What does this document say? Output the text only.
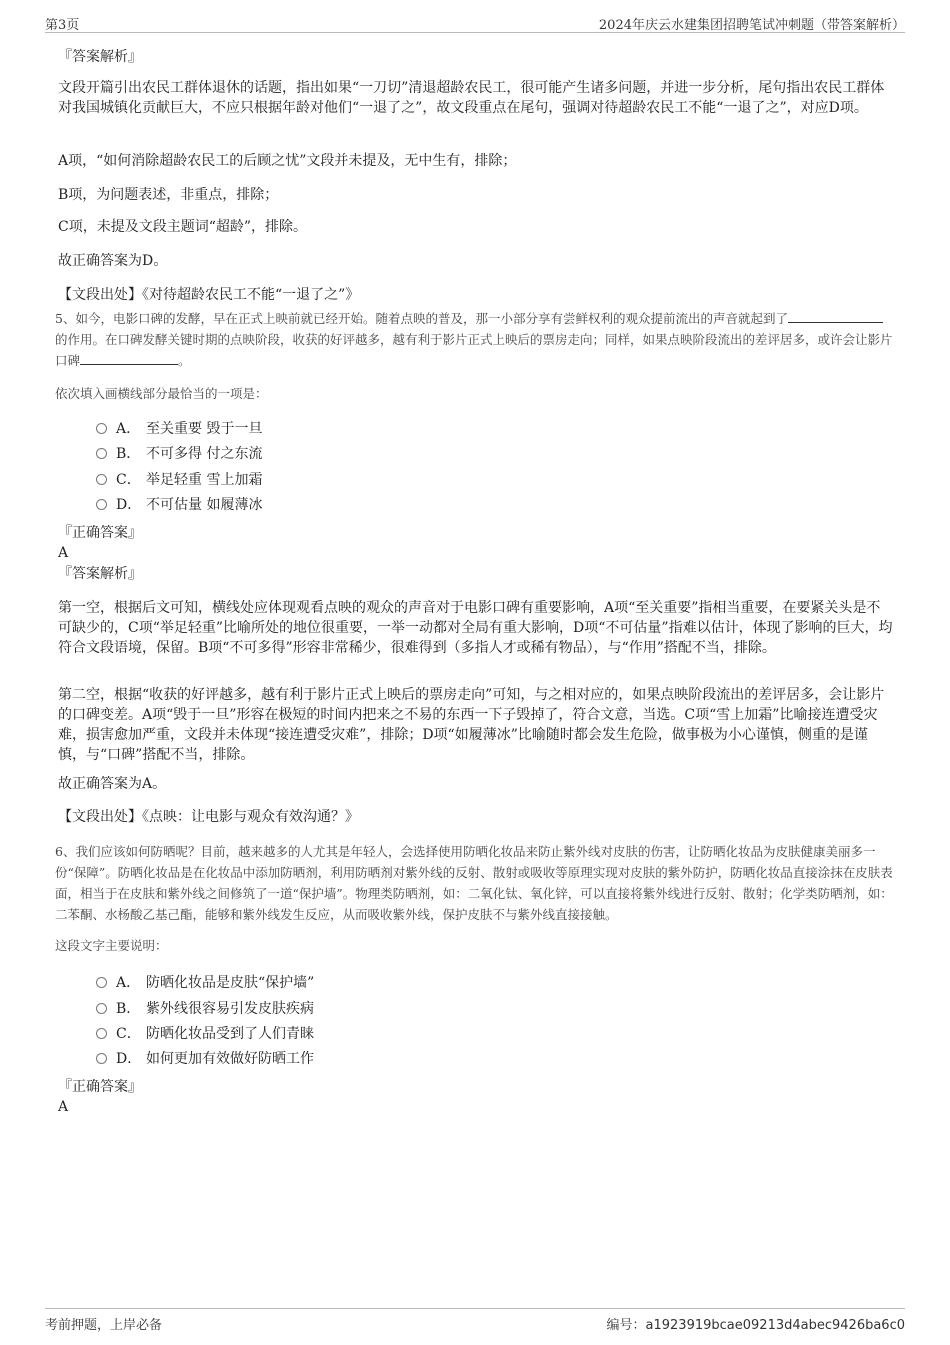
第3页	2024年庆云水建集团招聘笔试冲刺题（带答案解析）

『答案解析』

文段开篇引出农民工群体退休的话题，指出如果“一刀切”清退超龄农民工，很可能产生诸多问题，并进一步分析，尾句指出农民工群体对我国城镇化贡献巨大，不应只根据年龄对他们“一退了之”，故文段重点在尾句，强调对待超龄农民工不能“一退了之”，对应D项。

A项，“如何消除超龄农民工的后顾之忧”文段并未提及，无中生有，排除；

B项，为问题表述，非重点，排除；

C项，未提及文段主题词“超龄”，排除。

故正确答案为D。

【文段出处】《对待超龄农民工不能“一退了之”》

5、如今，电影口碑的发酵，早在正式上映前就已经开始。随着点映的普及，那一小部分享有尝鲜权利的观众提前流出的声音就起到了的作用。在口碑发酵关键时期的点映阶段，收获的好评越多，越有利于影片正式上映后的票房走向；同样，如果点映阶段流出的差评居多，或许会让影片口碑	。

依次填入画横线部分最恰当的一项是：

A． 至关重要 毁于一旦
B． 不可多得 付之东流
C． 举足轻重 雪上加霜
D． 不可估量 如履薄冰

『正确答案』

A

『答案解析』

第一空，根据后文可知，横线处应体现观看点映的观众的声音对于电影口碑有重要影响，A项“至关重要”指相当重要，在要紧关头是不可缺少的，C项“举足轻重”比喻所处的地位很重要，一举一动都对全局有重大影响，D项“不可估量”指难以估计，体现了影响的巨大，均符合文段语境，保留。B项“不可多得”形容非常稀少，很难得到（多指人才或稀有物品），与“作用”搭配不当，排除。

第二空，根据“收获的好评越多，越有利于影片正式上映后的票房走向”可知，与之相对应的，如果点映阶段流出的差评居多，会让影片的口碑变差。A项“毁于一旦”形容在极短的时间内把来之不易的东西一下子毁掉了，符合文意，当选。C项“雪上加霜”比喻接连遭受灾难，损害愈加严重，文段并未体现“接连遭受灾难”，排除；D项“如履薄冰”比喻随时都会发生危险，做事极为小心谨慎，侧重的是谨慎，与“口碑”搭配不当，排除。

故正确答案为A。

【文段出处】《点映：让电影与观众有效沟通？》

6、我们应该如何防晒呢？目前，越来越多的人尤其是年轻人，会选择使用防晒化妆品来防止紫外线对皮肤的伤害，让防晒化妆品为皮肤健康美丽多一份“保障”。防晒化妆品是在化妆品中添加防晒剂，利用防晒剂对紫外线的反射、散射或吸收等原理实现对皮肤的紫外防护，防晒化妆品直接涂抹在皮肤表面，相当于在皮肤和紫外线之间修筑了一道“保护墙”。物理类防晒剂，如：二氧化钛、氧化锌，可以直接将紫外线进行反射、散射；化学类防晒剂，如：二苯酮、水杨酸乙基己酯，能够和紫外线发生反应，从而吸收紫外线，保护皮肤不与紫外线直接接触。

这段文字主要说明：

A． 防晒化妆品是皮肤“保护墙”
B． 紫外线很容易引发皮肤疾病
C． 防晒化妆品受到了人们青睐
D． 如何更加有效做好防晒工作

『正确答案』

A

考前押题，上岸必备	编号：a1923919bcae09213d4abec9426ba6c0
